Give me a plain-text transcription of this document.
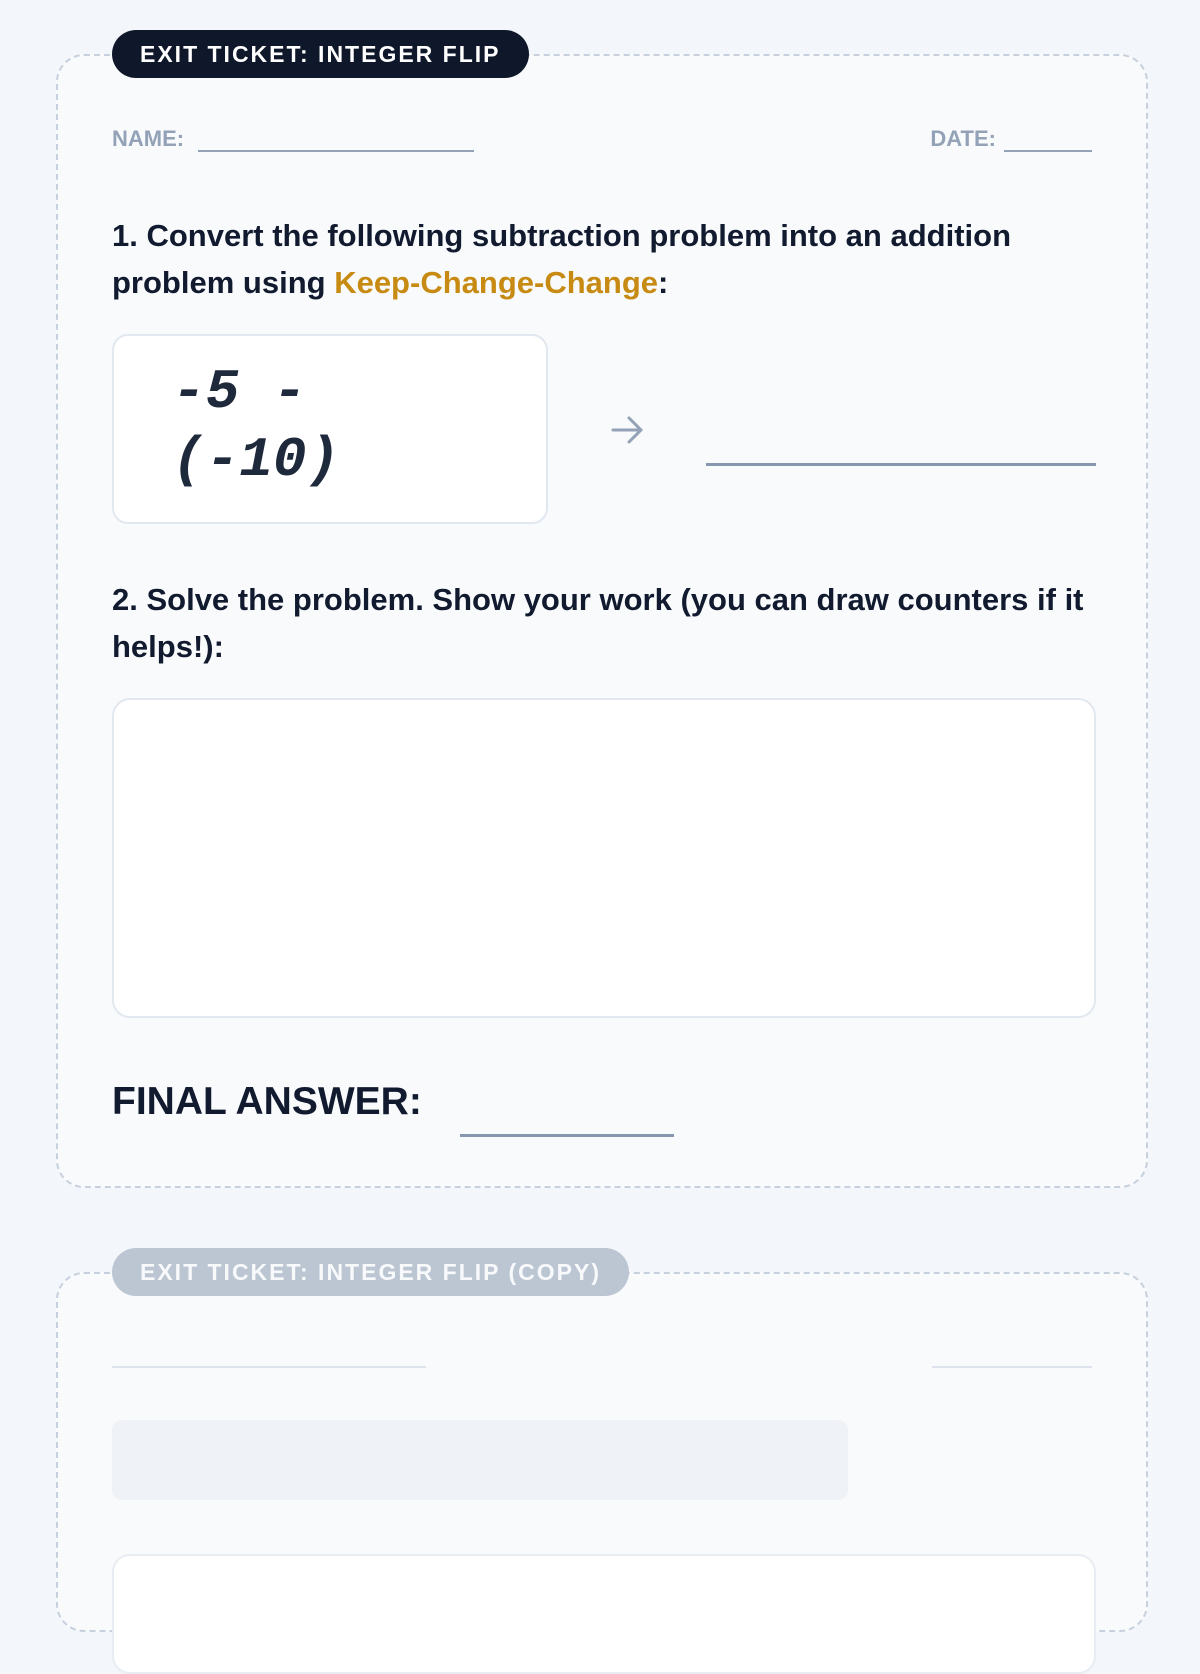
EXIT TICKET: INTEGER FLIP
NAME:	DATE:
1. Convert the following subtraction problem into an addition problem using Keep-Change-Change:
-5 - (-10)
2. Solve the problem. Show your work (you can draw counters if it helps!):
FINAL ANSWER:
EXIT TICKET: INTEGER FLIP (COPY)
